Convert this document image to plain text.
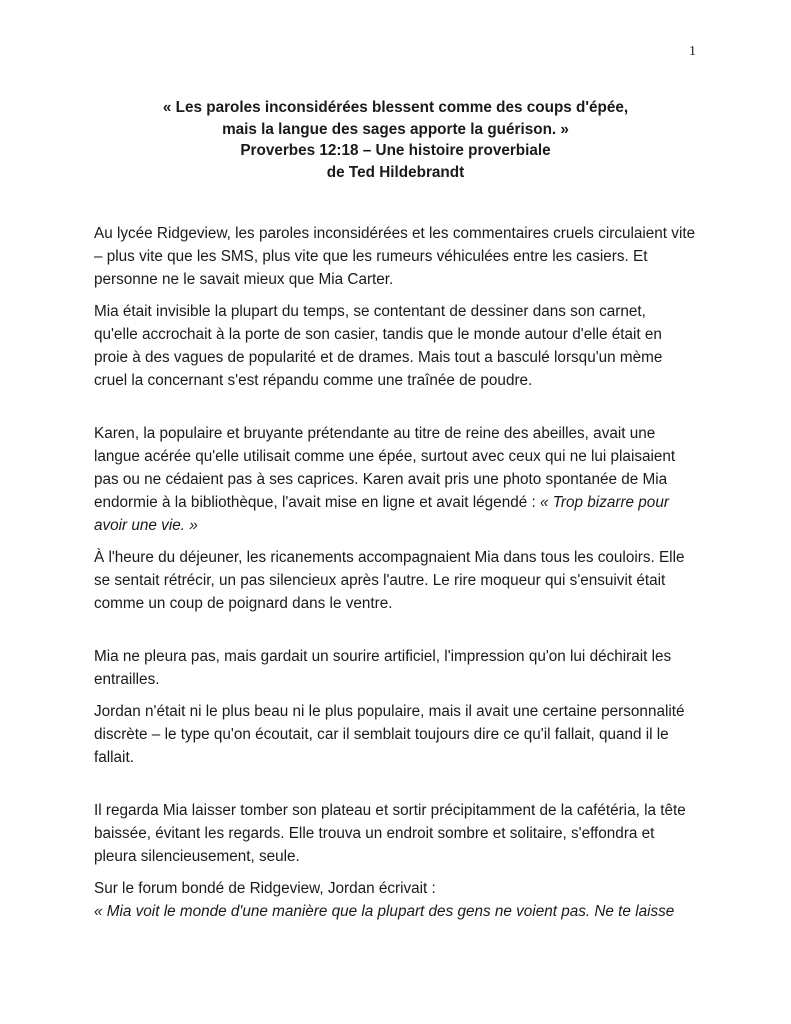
1
« Les paroles inconsidérées blessent comme des coups d'épée,
mais la langue des sages apporte la guérison. »
Proverbes 12:18 – Une histoire proverbiale
de Ted Hildebrandt

Au lycée Ridgeview, les paroles inconsidérées et les commentaires cruels circulaient vite
– plus vite que les SMS, plus vite que les rumeurs véhiculées entre les casiers. Et
personne ne le savait mieux que Mia Carter.

Mia était invisible la plupart du temps, se contentant de dessiner dans son carnet,
qu'elle accrochait à la porte de son casier, tandis que le monde autour d'elle était en
proie à des vagues de popularité et de drames. Mais tout a basculé lorsqu'un mème
cruel la concernant s'est répandu comme une traînée de poudre.

Karen, la populaire et bruyante prétendante au titre de reine des abeilles, avait une
langue acérée qu'elle utilisait comme une épée, surtout avec ceux qui ne lui plaisaient
pas ou ne cédaient pas à ses caprices. Karen avait pris une photo spontanée de Mia
endormie à la bibliothèque, l'avait mise en ligne et avait légendé : « Trop bizarre pour
avoir une vie. »

À l'heure du déjeuner, les ricanements accompagnaient Mia dans tous les couloirs. Elle
se sentait rétrécir, un pas silencieux après l'autre. Le rire moqueur qui s'ensuivit était
comme un coup de poignard dans le ventre.

Mia ne pleura pas, mais gardait un sourire artificiel, l'impression qu'on lui déchirait les
entrailles.

Jordan n'était ni le plus beau ni le plus populaire, mais il avait une certaine personnalité
discrète – le type qu'on écoutait, car il semblait toujours dire ce qu'il fallait, quand il le
fallait.

Il regarda Mia laisser tomber son plateau et sortir précipitamment de la cafétéria, la tête
baissée, évitant les regards. Elle trouva un endroit sombre et solitaire, s'effondra et
pleura silencieusement, seule.

Sur le forum bondé de Ridgeview, Jordan écrivait :
« Mia voit le monde d'une manière que la plupart des gens ne voient pas. Ne te laisse
